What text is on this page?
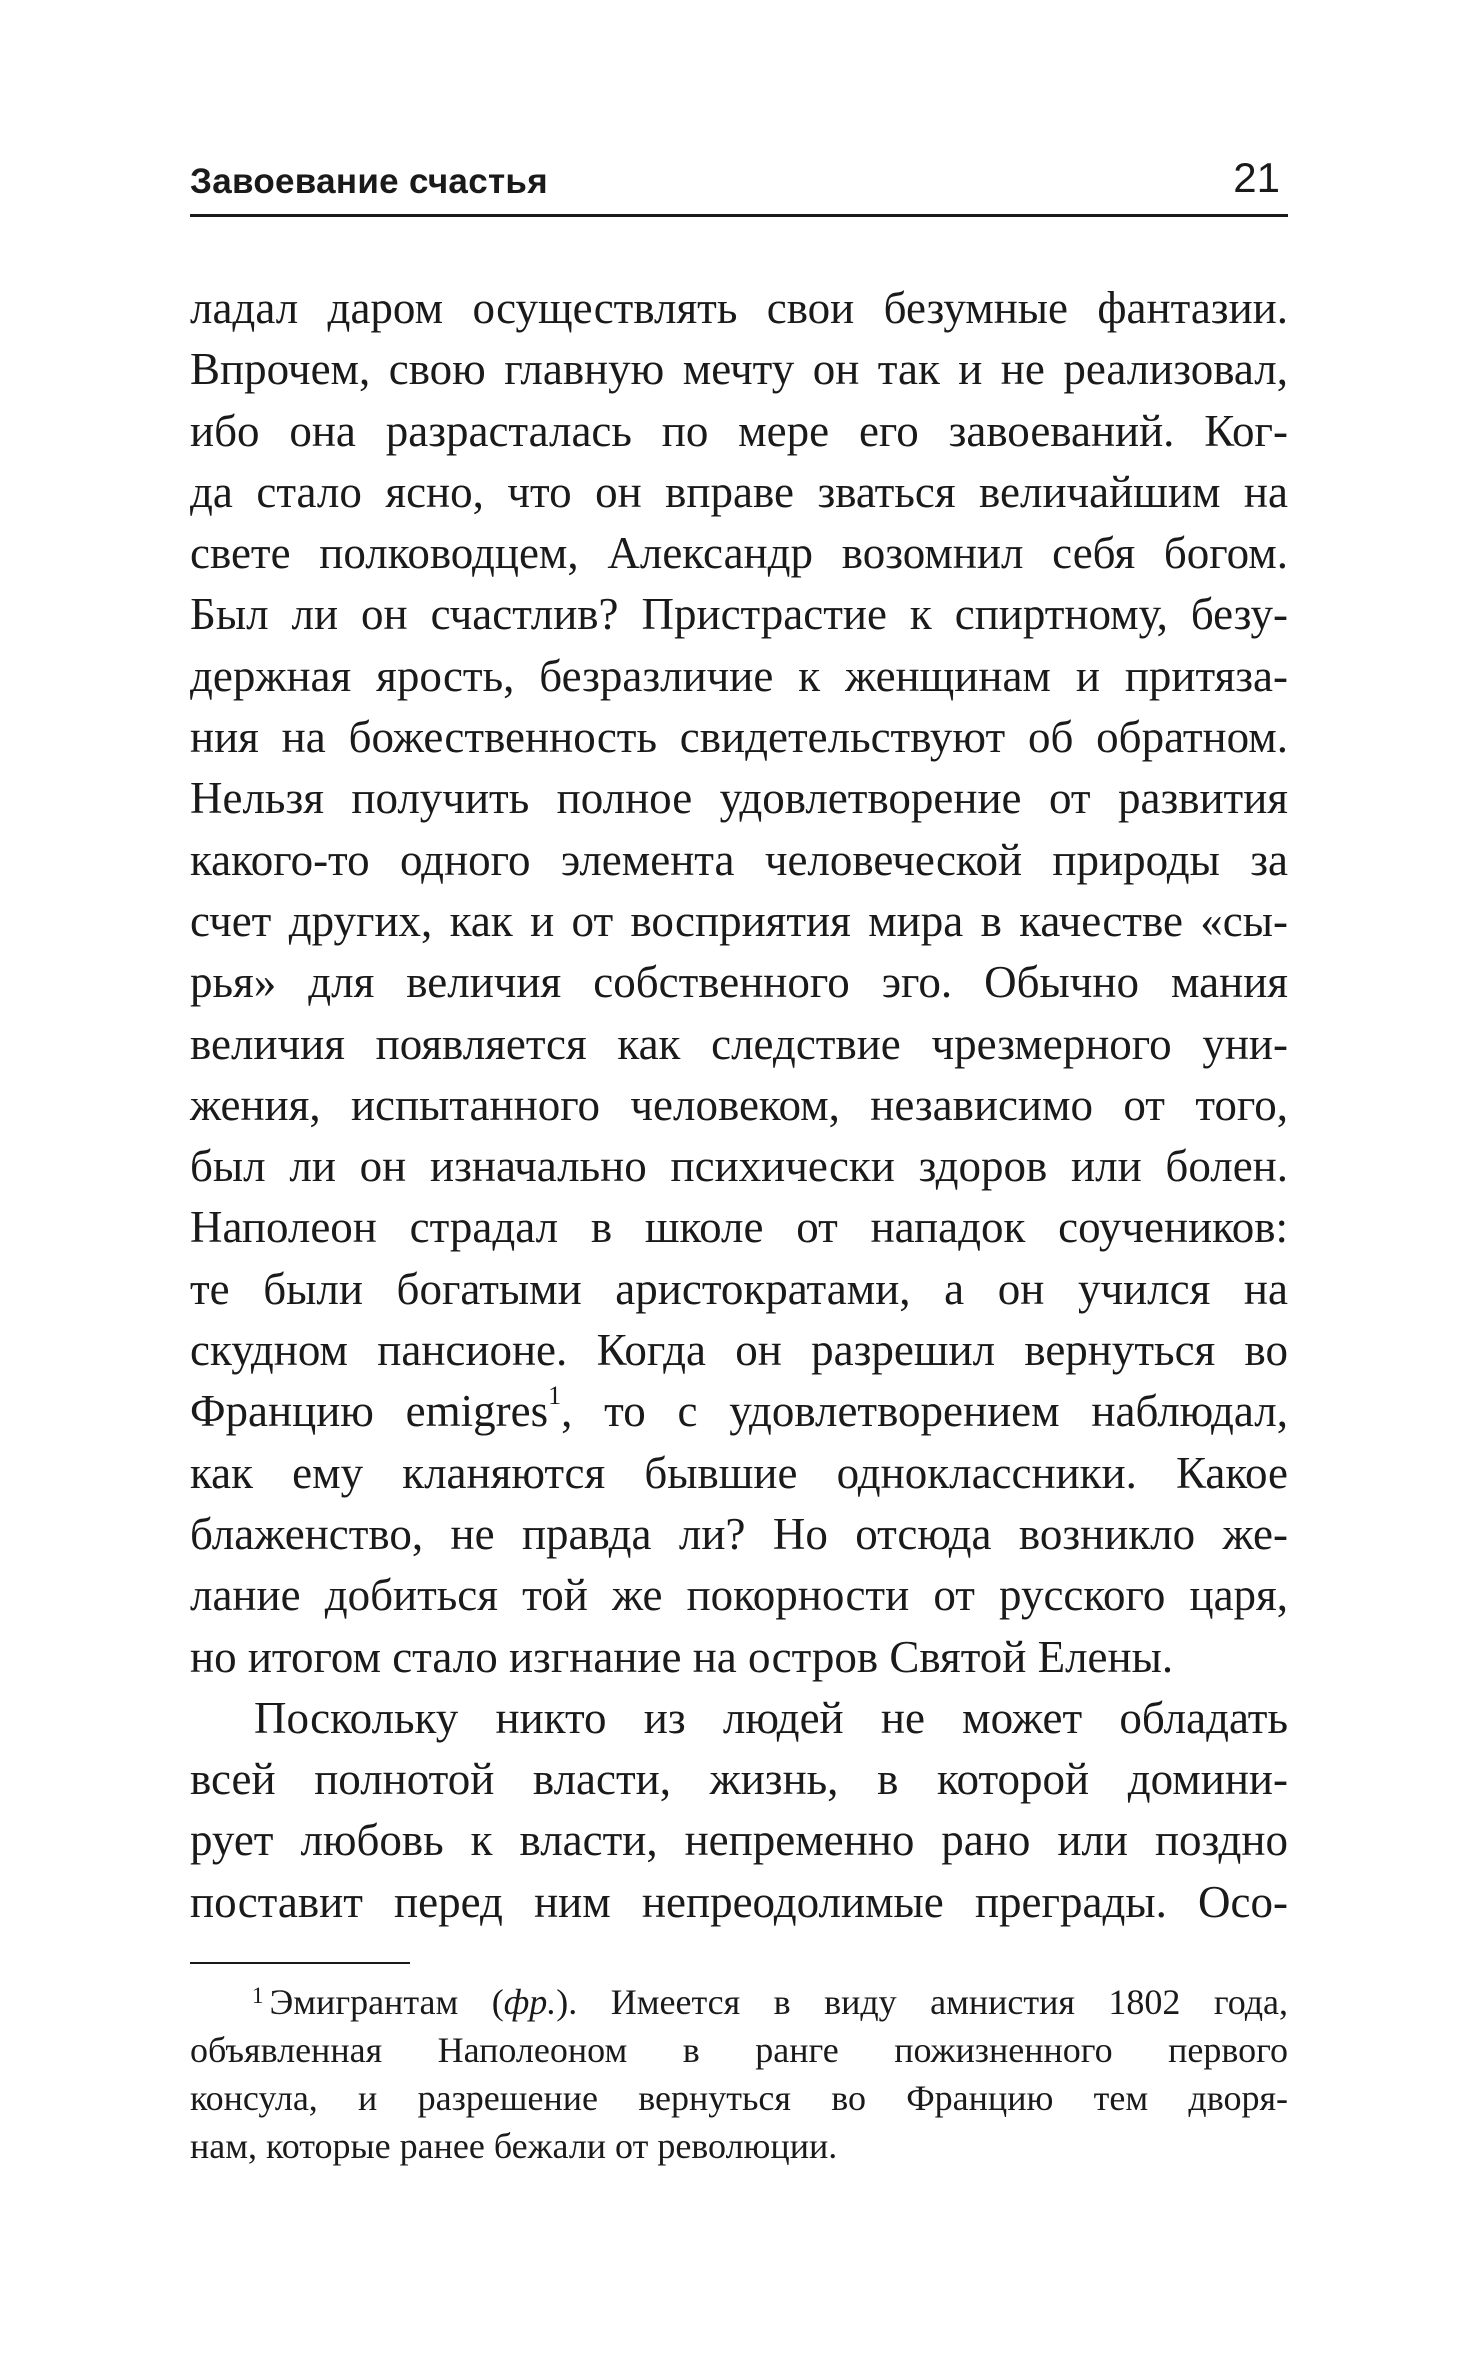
Завоевание счастья	21
ладал даром осуществлять свои безумные фантазии.
Впрочем, свою главную мечту он так и не реализовал,
ибо она разрасталась по мере его завоеваний. Ког-
да стало ясно, что он вправе зваться величайшим на
свете полководцем, Александр возомнил себя богом.
Был ли он счастлив? Пристрастие к спиртному, безу-
держная ярость, безразличие к женщинам и притяза-
ния на божественность свидетельствуют об обратном.
Нельзя получить полное удовлетворение от развития
какого-то одного элемента человеческой природы за
счет других, как и от восприятия мира в качестве «сы-
рья» для величия собственного эго. Обычно мания
величия появляется как следствие чрезмерного уни-
жения, испытанного человеком, независимо от того,
был ли он изначально психически здоров или болен.
Наполеон страдал в школе от нападок соучеников:
те были богатыми аристократами, а он учился на
скудном пансионе. Когда он разрешил вернуться во
Францию emigres$^1$, то с удовлетворением наблюдал,
как ему кланяются бывшие одноклассники. Какое
блаженство, не правда ли? Но отсюда возникло же-
лание добиться той же покорности от русского царя,
но итогом стало изгнание на остров Святой Елены.
Поскольку никто из людей не может обладать
всей полнотой власти, жизнь, в которой домини-
рует любовь к власти, непременно рано или поздно
поставит перед ним непреодолимые преграды. Осо-
$^1$ Эмигрантам (фр.). Имеется в виду амнистия 1802 года,
объявленная Наполеоном в ранге пожизненного первого
консула, и разрешение вернуться во Францию тем дворя-
нам, которые ранее бежали от революции.
